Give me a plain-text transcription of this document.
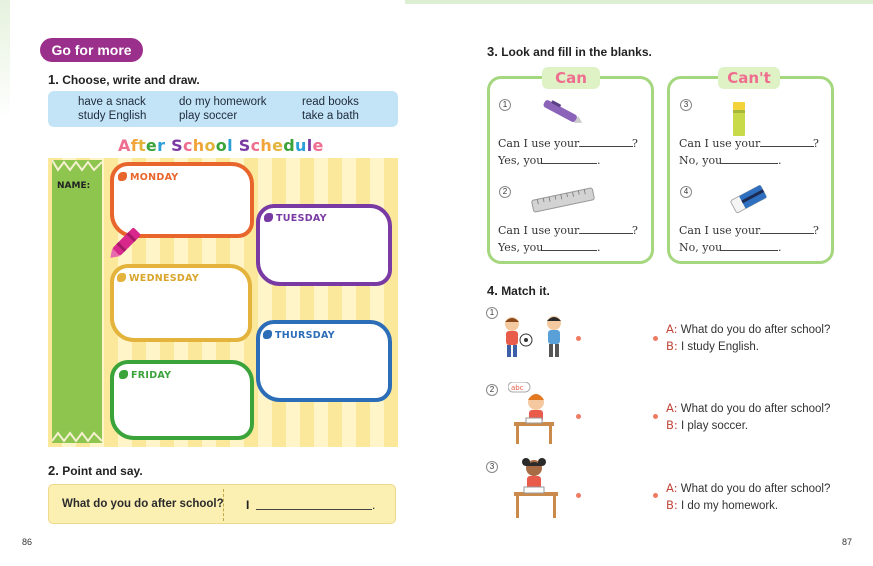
Go for more
1. Choose, write and draw.
have a snack	do my homework	read books
study English	play soccer	take a bath
After School Schedule
NAME:
MONDAY
TUESDAY
WEDNESDAY
THURSDAY
FRIDAY
2. Point and say.
What do you do after school? I	.
86
3. Look and fill in the blanks.
Can	Can't
1
Can I use your	?
Yes, you	.
2
Can I use your	?
Yes, you	.
3
Can I use your	?
No, you	.
4
Can I use your	?
No, you	.
4. Match it.
1
A: What do you do after school?
B: I study English.
2	abc
A: What do you do after school?
B: I play soccer.
3
A: What do you do after school?
B: I do my homework.
87
